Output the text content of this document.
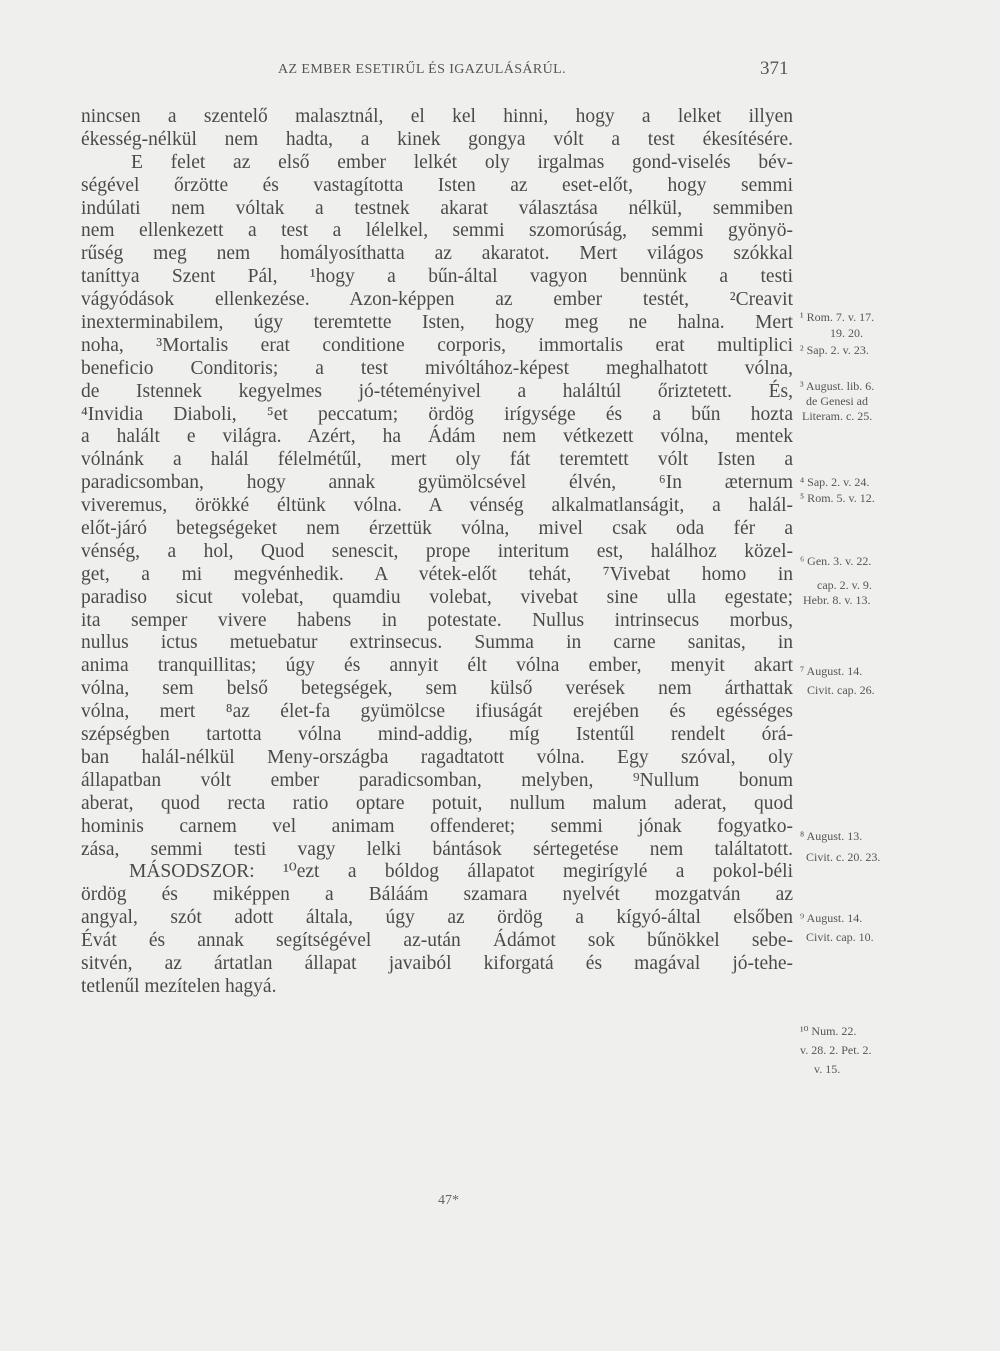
AZ EMBER ESETIRŰL ÉS IGAZULÁSÁRÚL.	371
nincsen a szentelő malasztnál, el kel hinni, hogy a lelket illyen
ékesség-nélkül nem hadta, a kinek gongya vólt a test ékesítésére.
E felet az első ember lelkét oly irgalmas gond-viselés bév-
ségével őrzötte és vastagította Isten az eset-előt, hogy semmi
indúlati nem vóltak a testnek akarat választása nélkül, semmiben
nem ellenkezett a test a lélelkel, semmi szomorúság, semmi gyönyö-
rűség meg nem homályosíthatta az akaratot. Mert világos szókkal
taníttya Szent Pál, ¹hogy a bűn-által vagyon bennünk a testi
vágyódások ellenkezése. Azon-képpen az ember testét, ²Creavit
inexterminabilem, úgy teremtette Isten, hogy meg ne halna. Mert
noha, ³Mortalis erat conditione corporis, immortalis erat multiplici
beneficio Conditoris; a test mivóltához-képest meghalhatott vólna,
de Istennek kegyelmes jó-téteményivel a haláltúl őriztetett. És,
⁴Invidia Diaboli, ⁵et peccatum; ördög irígysége és a bűn hozta
a halált e világra. Azért, ha Ádám nem vétkezett vólna, mentek
vólnánk a halál félelmétűl, mert oly fát teremtett vólt Isten a
paradicsomban, hogy annak gyümölcsével élvén, ⁶In æternum
viveremus, örökké éltünk vólna. A vénség alkalmatlanságit, a halál-
előt-járó betegségeket nem érzettük vólna, mivel csak oda fér a
vénség, a hol, Quod senescit, prope interitum est, halálhoz közel-
get, a mi megvénhedik. A vétek-előt tehát, ⁷Vivebat homo in
paradiso sicut volebat, quamdiu volebat, vivebat sine ulla egestate;
ita semper vivere habens in potestate. Nullus intrinsecus morbus,
nullus ictus metuebatur extrinsecus. Summa in carne sanitas, in
anima tranquillitas; úgy és annyit élt vólna ember, menyit akart
vólna, sem belső betegségek, sem külső verések nem árthattak
vólna, mert ⁸az élet-fa gyümölcse ifiuságát erejében és egésséges
szépségben tartotta vólna mind-addig, míg Istentűl rendelt órá-
ban halál-nélkül Meny-országba ragadtatott vólna. Egy szóval, oly
állapatban vólt ember paradicsomban, melyben, ⁹Nullum bonum
aberat, quod recta ratio optare potuit, nullum malum aderat, quod
hominis carnem vel animam offenderet; semmi jónak fogyatko-
zása, semmi testi vagy lelki bántások sértegetése nem találtatott.
MÁSODSZOR: ¹⁰ezt a bóldog állapatot megirígylé a pokol-béli
ördög és miképpen a Báláám szamara nyelvét mozgatván az
angyal, szót adott általa, úgy az ördög a kígyó-által elsőben
Évát és annak segítségével az-után Ádámot sok bűnökkel sebe-
sitvén, az ártatlan állapat javaiból kiforgatá és magával jó-tehe-
tetlenűl mezítelen hagyá.
¹ Rom. 7. v. 17.
19. 20.
² Sap. 2. v. 23.
³ August. lib. 6.
de Genesi ad
Literam. c. 25.
⁴ Sap. 2. v. 24.
⁵ Rom. 5. v. 12.
⁶ Gen. 3. v. 22.
cap. 2. v. 9.
Hebr. 8. v. 13.
⁷ August. 14.
Civit. cap. 26.
⁸ August. 13.
Civit. c. 20. 23.
⁹ August. 14.
Civit. cap. 10.
¹⁰ Num. 22.
v. 28. 2. Pet. 2.
v. 15.
47*
